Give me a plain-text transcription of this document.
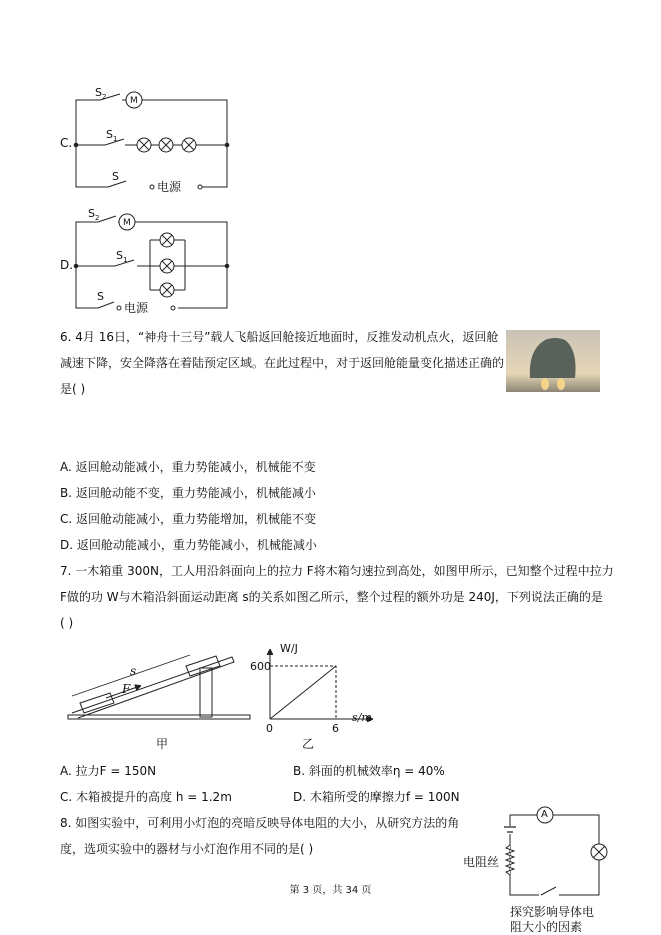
$S_2$	M
C.
$S_1$
S
电源
$S_2$	M
D.
$S_1$
S
电源
6. 4月 16日，“神舟十三号”载人飞船返回舱接近地面时，反推发动机点火，返回舱
减速下降，安全降落在着陆预定区域。在此过程中，对于返回舱能量变化描述正确的
是( )
A. 返回舱动能减小，重力势能减小，机械能不变
B. 返回舱动能不变，重力势能减小，机械能减小
C. 返回舱动能减小，重力势能增加，机械能不变
D. 返回舱动能减小，重力势能减小，机械能减小
7. 一木箱重 300N，工人用沿斜面向上的拉力 F将木箱匀速拉到高处，如图甲所示，已知整个过程中拉力
F做的功 W与木箱沿斜面运动距离 s的关系如图乙所示，整个过程的额外功是 240J，下列说法正确的是
( )
s
F
甲
W/J
600
0	6
s/m
乙
A. 拉力F = 150N	B. 斜面的机械效率η = 40%
C. 木箱被提升的高度 h = 1.2m	D. 木箱所受的摩擦力f = 100N
8. 如图实验中，可利用小灯泡的亮暗反映导体电阻的大小，从研究方法的角
度，选项实验中的器材与小灯泡作用不同的是( )
A
电阻丝
探究影响导体电
阻大小的因素
第 3 页，共 34 页
